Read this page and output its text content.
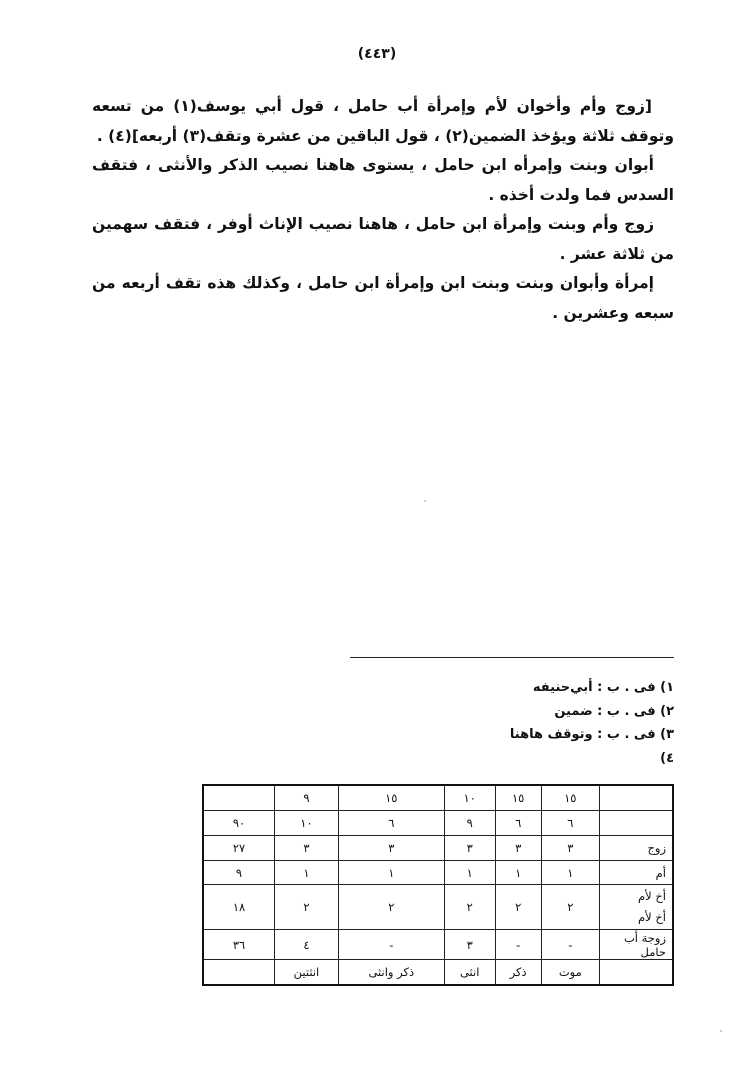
(٤٤٣)

[زوج وأم وأخوان لأم وإمرأة أب حامل ، قول أبي يوسف(١) من تسعه وتوقف ثلاثة ويؤخذ الضمين(٢) ، قول الباقين من عشرة وتقف(٣) أربعه](٤) .

أبوان وبنت وإمرأه ابن حامل ، يستوى هاهنا نصيب الذكر والأنثى ، فتقف السدس فما ولدت أخذه .

زوج وأم وبنت وإمرأة ابن حامل ، هاهنا نصيب الإناث أوفر ، فتقف سهمين من ثلاثة عشر .

إمرأة وأبوان وبنت وبنت ابن وإمرأة ابن حامل ، وكذلك هذه تقف أربعه من سبعه وعشرين .

١) فى . ب : أبي‌حنيفه
٢) فى . ب : ضمين
٣) فى . ب : وتوقف هاهنا
٤)
	١٥	١٥	١٠	١٥	٩	
	٦	٦	٩	٦	١٠	٩٠
زوج	٣	٣	٣	٣	٣	٢٧
أم	١	١	١	١	١	٩

أخ لأم
أخ لأم	٢	٢	٢	٢	٢	١٨
زوجة أب حامل	-	-	٣	-	٤	٣٦
	موت	ذكر	انثى	ذكر وانثى	انثتين	
